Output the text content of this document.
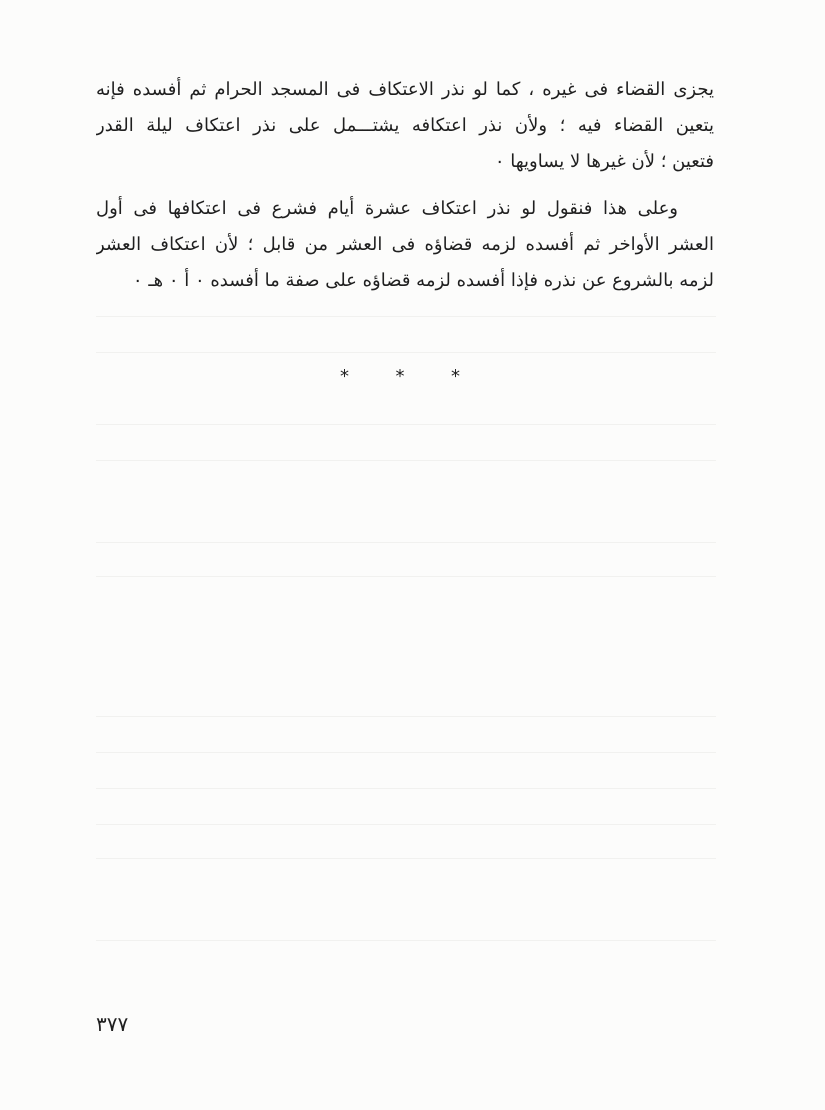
يجزى القضاء فى غيره ، كما لو نذر الاعتكاف فى المسجد الحرام ثم أفسده فإنه
يتعين القضاء فيه ؛ ولأن نذر اعتكافه يشتـــمل على نذر اعتكاف ليلة القدر
فتعين ؛ لأن غيرها لا يساويها ٠
وعلى هذا فنقول لو نذر اعتكاف عشرة أيام فشرع فى اعتكافها فى أول
العشر الأواخر ثم أفسده لزمه قضاؤه فى العشر من قابل ؛ لأن اعتكاف العشر
لزمه بالشروع عن نذره فإذا أفسده لزمه قضاؤه على صفة ما أفسده ٠ أ ٠ هـ ٠
*	*	*
٣٧٧
